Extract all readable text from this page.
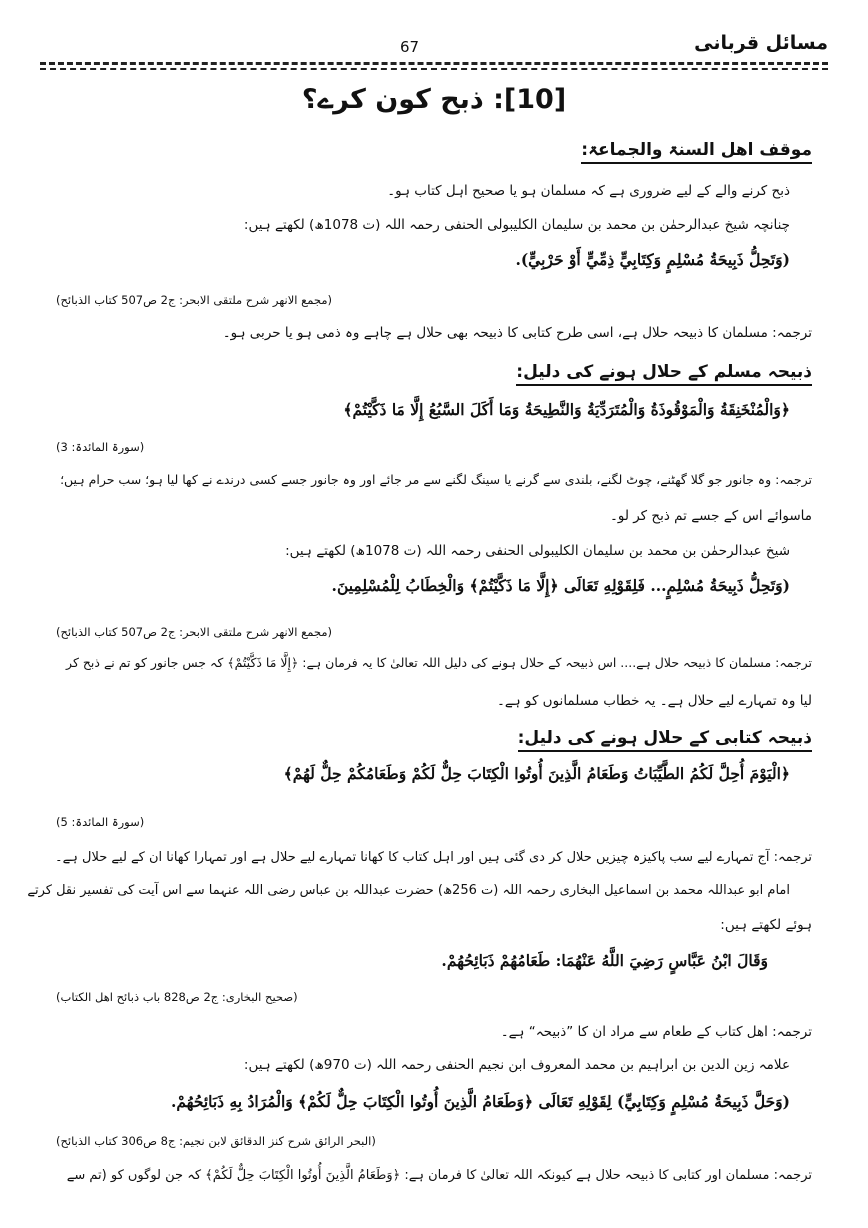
مسائل قربانی
67
[10]: ذبح کون کرے؟
موقف اھل السنۃ والجماعۃ:
ذبح کرنے والے کے لیے ضروری ہے کہ مسلمان ہو یا صحیح اہل کتاب ہو۔
چنانچہ شیخ عبدالرحمٰن بن محمد بن سلیمان الکلیبولی الحنفی رحمہ اللہ (ت 1078ھ) لکھتے ہیں:
(وَتَحِلُّ ذَبِيحَةُ مُسْلِمٍ وَكِتَابِيٍّ ذِمِّيٍّ أَوْ حَرْبِيٍّ).
(مجمع الانھر شرح ملتقی الابحر: ج2 ص507 کتاب الذبائح)
ترجمہ: مسلمان کا ذبیحہ حلال ہے، اسی طرح کتابی کا ذبیحہ بھی حلال ہے چاہے وہ ذمی ہو یا حربی ہو۔
ذبیحہ مسلم کے حلال ہونے کی دلیل:
﴿وَالْمُنْخَنِقَةُ وَالْمَوْقُوذَةُ وَالْمُتَرَدِّيَةُ وَالنَّطِيحَةُ وَمَا أَكَلَ السَّبُعُ إِلَّا مَا ذَكَّيْتُمْ﴾
(سورۃ المائدۃ: 3)
ترجمہ: وہ جانور جو گلا گھٹنے، چوٹ لگنے، بلندی سے گرنے یا سینگ لگنے سے مر جائے اور وہ جانور جسے کسی درندے نے کھا لیا ہو؛ سب حرام ہیں؛
ماسوائے اس کے جسے تم ذبح کر لو۔
شیخ عبدالرحمٰن بن محمد بن سلیمان الکلیبولی الحنفی رحمہ اللہ (ت 1078ھ) لکھتے ہیں:
(وَتَحِلُّ ذَبِيحَةُ مُسْلِمٍ... فَلِقَوْلِهِ تَعَالَى ﴿إِلَّا مَا ذَكَّيْتُمْ﴾ وَالْخِطَابُ لِلْمُسْلِمِينَ.
(مجمع الانھر شرح ملتقی الابحر: ج2 ص507 کتاب الذبائح)
ترجمہ: مسلمان کا ذبیحہ حلال ہے.... اس ذبیحہ کے حلال ہونے کی دلیل اللہ تعالیٰ کا یہ فرمان ہے: ﴿إِلَّا مَا ذَكَّيْتُمْ﴾ کہ جس جانور کو تم نے ذبح کر
لیا وہ تمہارے لیے حلال ہے۔ یہ خطاب مسلمانوں کو ہے۔
ذبیحہ کتابی کے حلال ہونے کی دلیل:
﴿الْيَوْمَ أُحِلَّ لَكُمُ الطَّيِّبَاتُ وَطَعَامُ الَّذِينَ أُوتُوا الْكِتَابَ حِلٌّ لَكُمْ وَطَعَامُكُمْ حِلٌّ لَهُمْ﴾
(سورۃ المائدۃ: 5)
ترجمہ: آج تمہارے لیے سب پاکیزہ چیزیں حلال کر دی گئی ہیں اور اہل کتاب کا کھانا تمہارے لیے حلال ہے اور تمہارا کھانا ان کے لیے حلال ہے۔
امام ابو عبداللہ محمد بن اسماعیل البخاری رحمہ اللہ (ت 256ھ) حضرت عبداللہ بن عباس رضی اللہ عنہما سے اس آیت کی تفسیر نقل کرتے
ہوئے لکھتے ہیں:
وَقَالَ ابْنُ عَبَّاسٍ رَضِيَ اللَّهُ عَنْهُمَا: طَعَامُهُمْ ذَبَائِحُهُمْ.
(صحیح البخاری: ج2 ص828 باب ذبائح اھل الکتاب)
ترجمہ: اھل کتاب کے طعام سے مراد ان کا ”ذبیحہ“ ہے۔
علامہ زین الدین بن ابراہیم بن محمد المعروف ابن نجیم الحنفی رحمہ اللہ (ت 970ھ) لکھتے ہیں:
(وَحَلَّ ذَبِيحَةُ مُسْلِمٍ وَكِتَابِيٍّ) لِقَوْلِهِ تَعَالَى ﴿وَطَعَامُ الَّذِينَ أُوتُوا الْكِتَابَ حِلٌّ لَكُمْ﴾ وَالْمُرَادُ بِهِ ذَبَائِحُهُمْ.
(البحر الرائق شرح کنز الدقائق لابن نجیم: ج8 ص306 کتاب الذبائح)
ترجمہ: مسلمان اور کتابی کا ذبیحہ حلال ہے کیونکہ اللہ تعالیٰ کا فرمان ہے: ﴿وَطَعَامُ الَّذِينَ أُوتُوا الْكِتَابَ حِلٌّ لَكُمْ﴾ کہ جن لوگوں کو (تم سے
